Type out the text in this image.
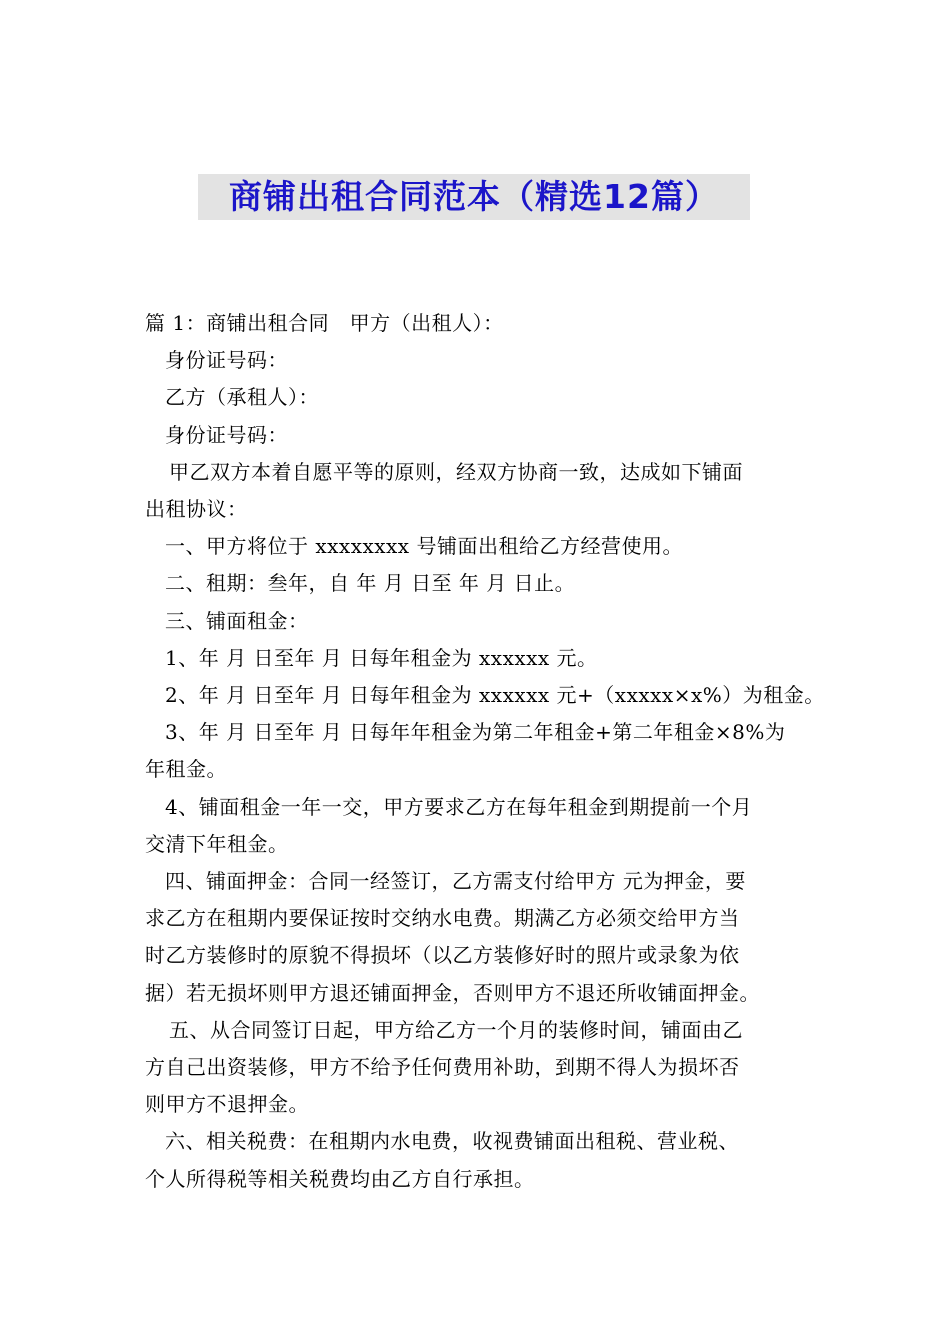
商铺出租合同范本（精选12篇）

篇 1：商铺出租合同　甲方（出租人）：

身份证号码：

乙方（承租人）：

身份证号码：

甲乙双方本着自愿平等的原则，经双方协商一致，达成如下铺面

出租协议：

一、甲方将位于 xxxxxxxx 号铺面出租给乙方经营使用。

二、租期：叁年，自 年 月 日至 年 月 日止。

三、铺面租金：

1、年 月 日至年 月 日每年租金为 xxxxxx 元。

2、年 月 日至年 月 日每年租金为 xxxxxx 元+（xxxxx×x%）为租金。

3、年 月 日至年 月 日每年年租金为第二年租金+第二年租金×8%为

年租金。

4、铺面租金一年一交，甲方要求乙方在每年租金到期提前一个月

交清下年租金。

四、铺面押金：合同一经签订，乙方需支付给甲方 元为押金，要

求乙方在租期内要保证按时交纳水电费。期满乙方必须交给甲方当

时乙方装修时的原貌不得损坏（以乙方装修好时的照片或录象为依

据）若无损坏则甲方退还铺面押金，否则甲方不退还所收铺面押金。

五、从合同签订日起，甲方给乙方一个月的装修时间，铺面由乙

方自己出资装修，甲方不给予任何费用补助，到期不得人为损坏否

则甲方不退押金。

六、相关税费：在租期内水电费，收视费铺面出租税、营业税、

个人所得税等相关税费均由乙方自行承担。
